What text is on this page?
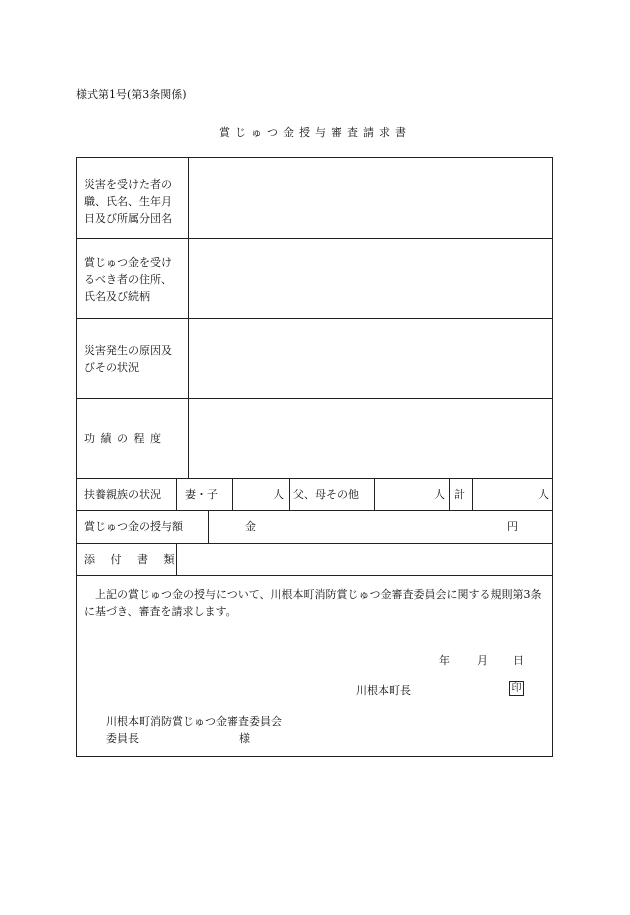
様式第1号(第3条関係)
賞じゅつ金授与審査請求書
災害を受けた者の
職、氏名、生年月
日及び所属分団名
賞じゅつ金を受け
るべき者の住所、
氏名及び続柄
災害発生の原因及
びその状況
功 績 の 程 度
扶養親族の状況 妻・子	人 父、母その他	人 計	人
賞じゅつ金の授与額	金	円
添 付 書 類
上記の賞じゅつ金の授与について、川根本町消防賞じゅつ金審査委員会に関する規則第3条に基づき、審査を請求します。
年 月 日
川根本町長	印
川根本町消防賞じゅつ金審査委員会
委員長	様
